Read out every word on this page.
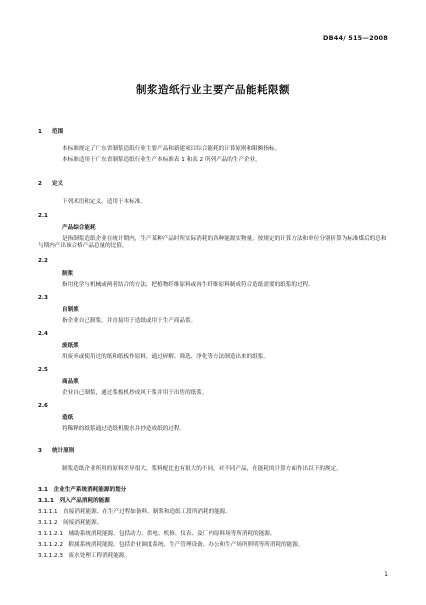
DB44/ 515—2008
制浆造纸行业主要产品能耗限额
1 范围
本标准规定了广东省制浆造纸行业主要产品和新建项目综合能耗的计算原则和限额指标。
本标准适用于广东省制浆造纸行业生产本标准表 1 和表 2 所列产品的生产企业。
2 定义
下列术语和定义，适用于本标准。
2.1
产品综合能耗
是指制浆造纸企业在统计期内，生产某种产品时所实际消耗的各种能源实物量，按规定的计算方法和单位分别折算为标准煤后的总和与期内产出该合格产品总量的比值。
2.2
制浆
指用化学与机械或两者结合的方法，把植物纤维原料或再生纤维原料制成符合造纸需要的纸浆的过程。
2.3
自制浆
指企业自己制浆，并直接用于造纸或用于生产商品浆。
2.4
废纸浆
用废弃或使用过的纸和纸板作原料，通过碎解、筛选、净化等方法制造出来的纸浆。
2.5
商品浆
企业自己制浆，通过浆板机抄成风干浆并用于出售的纸浆。
2.6
造纸
将稀释的纸浆通过造纸机脱水并抄造成纸的过程。
3 统计原则
制浆造纸企业所用的原料差异很大，浆料配比也有很大的不同，对不同产品，在能耗的计算方面作出以下的规定。
3.1　企业生产系统消耗能源的划分
3.1.1　列入产品消耗的能源
3.1.1.1　直接消耗能源。在生产过程如备料、制浆和造纸工段所消耗的能源。
3.1.1.2　间接消耗能源。
3.1.1.2.1　辅助系统消耗能源。包括动力、供电、机修、仪表、及厂内原料场等所消耗的能源。
3.1.1.2.2　附属系统消耗能源。包括企业调度系统、生产管理设备、办公和生产场所照明等所消耗的能源。
3.1.1.2.3　废水处理工程消耗能源。
1
